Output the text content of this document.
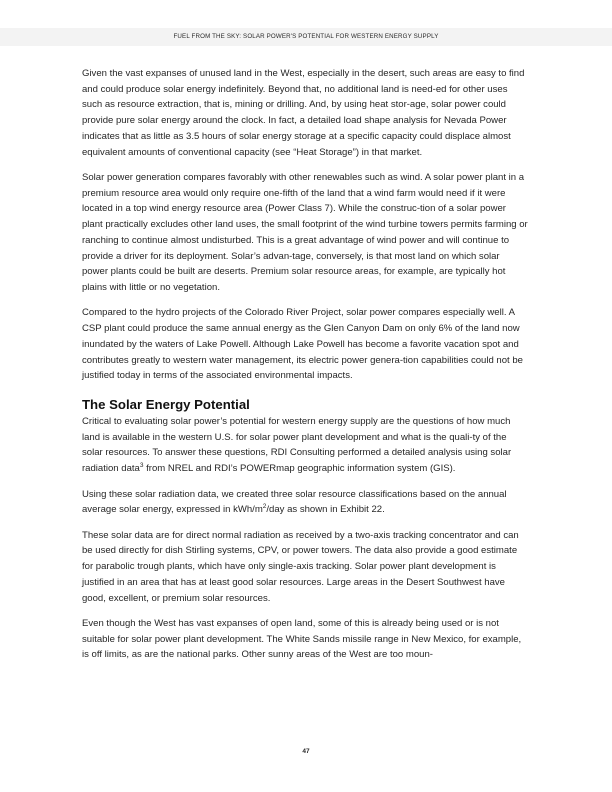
FUEL FROM THE SKY: SOLAR POWER'S POTENTIAL FOR WESTERN ENERGY SUPPLY

Given the vast expanses of unused land in the West, especially in the desert, such areas are easy to find and could produce solar energy indefinitely. Beyond that, no additional land is need-ed for other uses such as resource extraction, that is, mining or drilling. And, by using heat stor-age, solar power could provide pure solar energy around the clock. In fact, a detailed load shape analysis for Nevada Power indicates that as little as 3.5 hours of solar energy storage at a specific capacity could displace almost equivalent amounts of conventional capacity (see “Heat Storage”) in that market.

Solar power generation compares favorably with other renewables such as wind. A solar power plant in a premium resource area would only require one-fifth of the land that a wind farm would need if it were located in a top wind energy resource area (Power Class 7). While the construc-tion of a solar power plant practically excludes other land uses, the small footprint of the wind turbine towers permits farming or ranching to continue almost undisturbed. This is a great advantage of wind power and will continue to provide a driver for its deployment. Solar’s advan-tage, conversely, is that most land on which solar power plants could be built are deserts. Premium solar resource areas, for example, are typically hot plains with little or no vegetation.

Compared to the hydro projects of the Colorado River Project, solar power compares especially well. A CSP plant could produce the same annual energy as the Glen Canyon Dam on only 6% of the land now inundated by the waters of Lake Powell. Although Lake Powell has become a favorite vacation spot and contributes greatly to western water management, its electric power genera-tion capabilities could not be justified today in terms of the associated environmental impacts.

The Solar Energy Potential

Critical to evaluating solar power’s potential for western energy supply are the questions of how much land is available in the western U.S. for solar power plant development and what is the quali-ty of the solar resources. To answer these questions, RDI Consulting performed a detailed analysis using solar radiation data$^3$ from NREL and RDI’s POWERmap geographic information system (GIS).

Using these solar radiation data, we created three solar resource classifications based on the annual average solar energy, expressed in kWh/$m^2$/day as shown in Exhibit 22.

These solar data are for direct normal radiation as received by a two-axis tracking concentrator and can be used directly for dish Stirling systems, CPV, or power towers. The data also provide a good estimate for parabolic trough plants, which have only single-axis tracking. Solar power plant development is justified in an area that has at least good solar resources. Large areas in the Desert Southwest have good, excellent, or premium solar resources.

Even though the West has vast expanses of open land, some of this is already being used or is not suitable for solar power plant development. The White Sands missile range in New Mexico, for example, is off limits, as are the national parks. Other sunny areas of the West are too moun-

47
